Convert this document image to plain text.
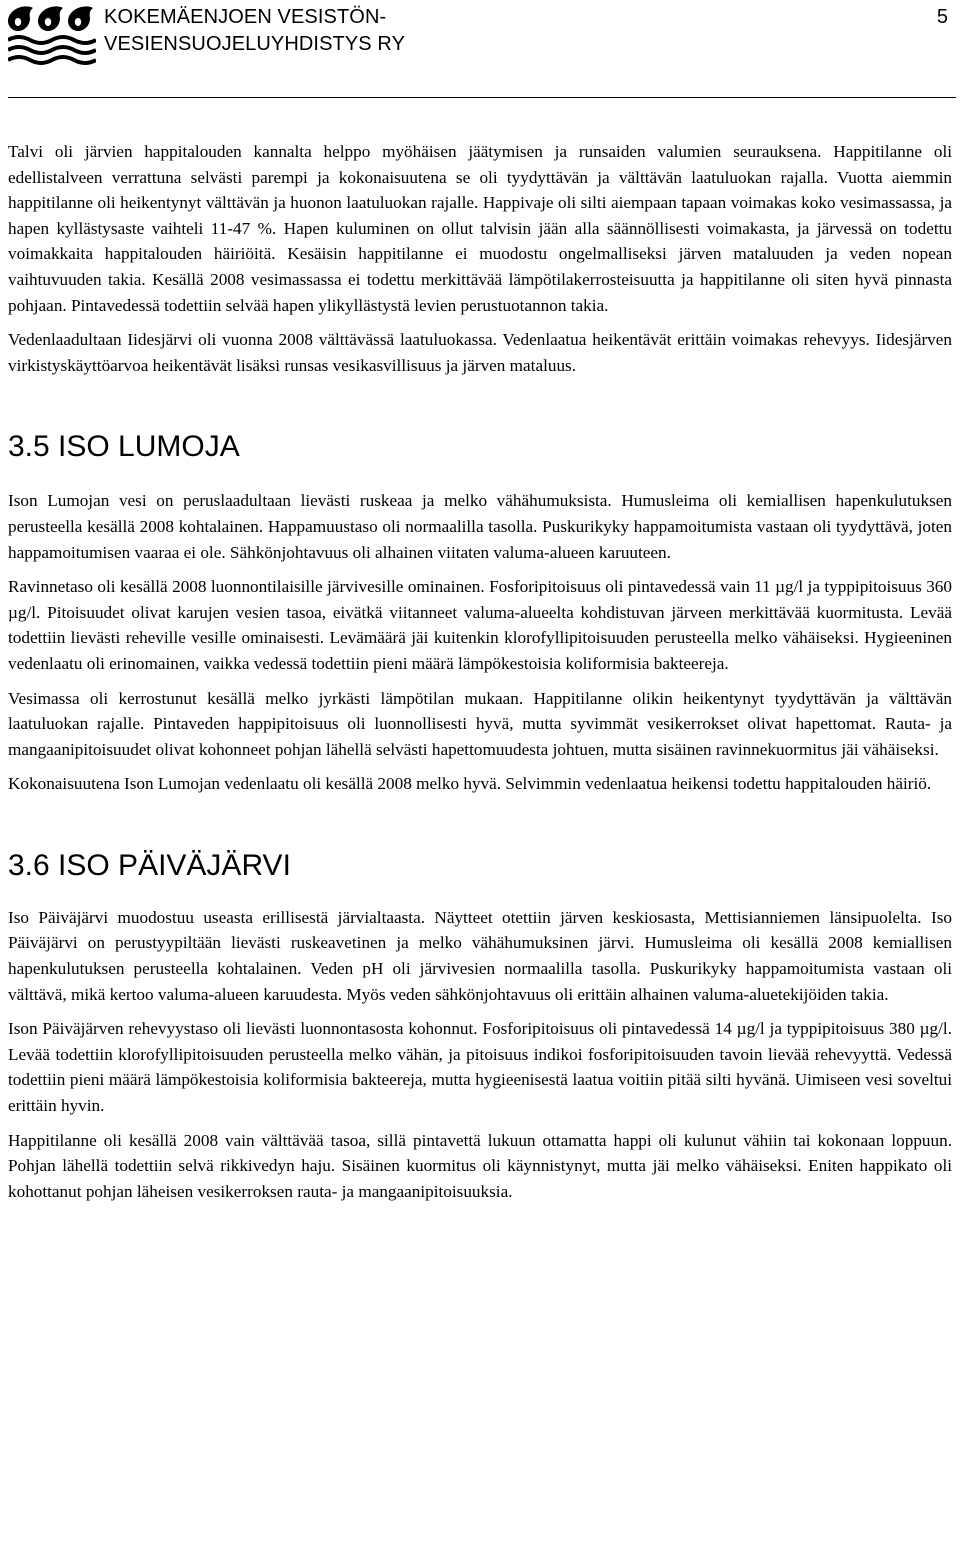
KOKEMÄENJOEN VESISTÖN-
VESIENSUOJELUYHDISTYS RY
5

Talvi oli järvien happitalouden kannalta helppo myöhäisen jäätymisen ja runsaiden valumien seurauksena. Happitilanne oli edellistalveen verrattuna selvästi parempi ja kokonaisuutena se oli tyydyttävän ja välttävän laatuluokan rajalla. Vuotta aiemmin happitilanne oli heikentynyt välttävän ja huonon laatuluokan rajalle. Happivaje oli silti aiempaan tapaan voimakas koko vesimassassa, ja hapen kyllästysaste vaihteli 11-47 %. Hapen kuluminen on ollut talvisin jään alla säännöllisesti voimakasta, ja järvessä on todettu voimakkaita happitalouden häiriöitä. Kesäisin happitilanne ei muodostu ongelmalliseksi järven mataluuden ja veden nopean vaihtuvuuden takia. Kesällä 2008 vesimassassa ei todettu merkittävää lämpötilakerrosteisuutta ja happitilanne oli siten hyvä pinnasta pohjaan. Pintavedessä todettiin selvää hapen ylikyllästystä levien perustuotannon takia.

Vedenlaadultaan Iidesjärvi oli vuonna 2008 välttävässä laatuluokassa. Vedenlaatua heikentävät erittäin voimakas rehevyys. Iidesjärven virkistyskäyttöarvoa heikentävät lisäksi runsas vesikasvillisuus ja järven mataluus.

3.5 ISO LUMOJA

Ison Lumojan vesi on peruslaadultaan lievästi ruskeaa ja melko vähähumuksista. Humusleima oli kemiallisen hapenkulutuksen perusteella kesällä 2008 kohtalainen. Happamuustaso oli normaalilla tasolla. Puskurikyky happamoitumista vastaan oli tyydyttävä, joten happamoitumisen vaaraa ei ole. Sähkönjohtavuus oli alhainen viitaten valuma-alueen karuuteen.

Ravinnetaso oli kesällä 2008 luonnontilaisille järvivesille ominainen. Fosforipitoisuus oli pintavedessä vain 11 µg/l ja typpipitoisuus 360 µg/l. Pitoisuudet olivat karujen vesien tasoa, eivätkä viitanneet valuma-alueelta kohdistuvan järveen merkittävää kuormitusta. Levää todettiin lievästi reheville vesille ominaisesti. Levämäärä jäi kuitenkin klorofyllipitoisuuden perusteella melko vähäiseksi. Hygieeninen vedenlaatu oli erinomainen, vaikka vedessä todettiin pieni määrä lämpökestoisia koliformisia bakteereja.

Vesimassa oli kerrostunut kesällä melko jyrkästi lämpötilan mukaan. Happitilanne olikin heikentynyt tyydyttävän ja välttävän laatuluokan rajalle. Pintaveden happipitoisuus oli luonnollisesti hyvä, mutta syvimmät vesikerrokset olivat hapettomat. Rauta- ja mangaanipitoisuudet olivat kohonneet pohjan lähellä selvästi hapettomuudesta johtuen, mutta sisäinen ravinnekuormitus jäi vähäiseksi.

Kokonaisuutena Ison Lumojan vedenlaatu oli kesällä 2008 melko hyvä. Selvimmin vedenlaatua heikensi todettu happitalouden häiriö.

3.6 ISO PÄIVÄJÄRVI

Iso Päiväjärvi muodostuu useasta erillisestä järvialtaasta. Näytteet otettiin järven keskiosasta, Mettisianniemen länsipuolelta. Iso Päiväjärvi on perustyypiltään lievästi ruskeavetinen ja melko vähähumuksinen järvi. Humusleima oli kesällä 2008 kemiallisen hapenkulutuksen perusteella kohtalainen. Veden pH oli järvivesien normaalilla tasolla. Puskurikyky happamoitumista vastaan oli välttävä, mikä kertoo valuma-alueen karuudesta. Myös veden sähkönjohtavuus oli erittäin alhainen valuma-aluetekijöiden takia.

Ison Päiväjärven rehevyystaso oli lievästi luonnontasosta kohonnut. Fosforipitoisuus oli pintavedessä 14 µg/l ja typpipitoisuus 380 µg/l. Levää todettiin klorofyllipitoisuuden perusteella melko vähän, ja pitoisuus indikoi fosforipitoisuuden tavoin lievää rehevyyttä. Vedessä todettiin pieni määrä lämpökestoisia koliformisia bakteereja, mutta hygieenisestä laatua voitiin pitää silti hyvänä. Uimiseen vesi soveltui erittäin hyvin.

Happitilanne oli kesällä 2008 vain välttävää tasoa, sillä pintavettä lukuun ottamatta happi oli kulunut vähiin tai kokonaan loppuun. Pohjan lähellä todettiin selvä rikkivedyn haju. Sisäinen kuormitus oli käynnistynyt, mutta jäi melko vähäiseksi. Eniten happikato oli kohottanut pohjan läheisen vesikerroksen rauta- ja mangaanipitoisuuksia.
